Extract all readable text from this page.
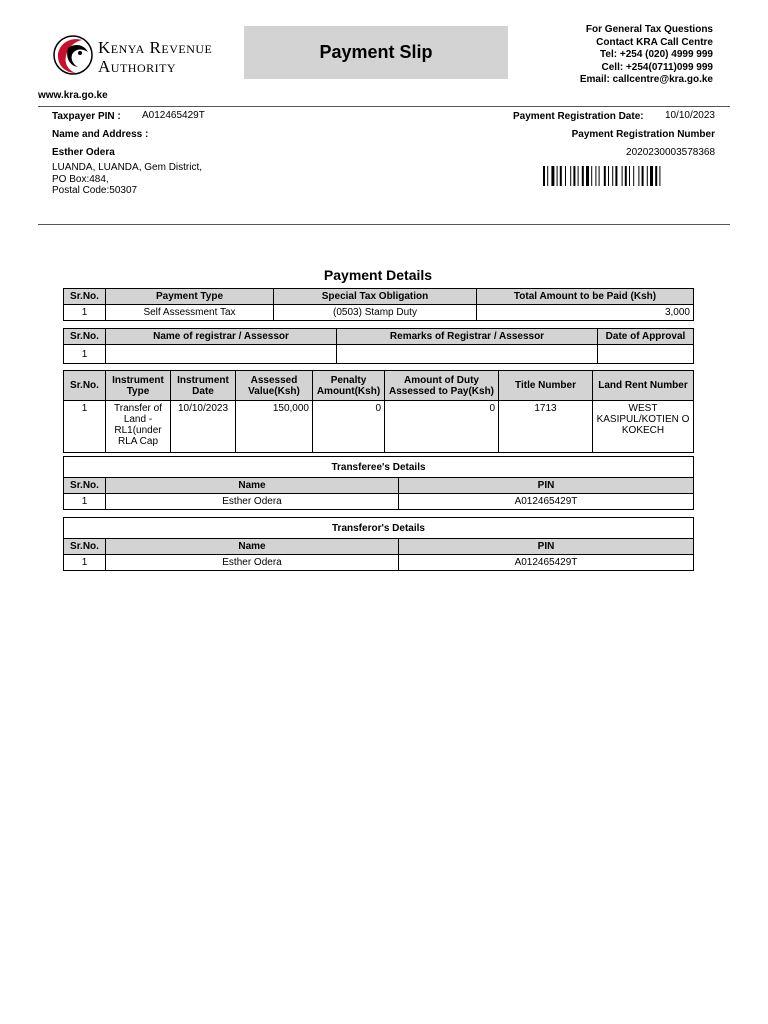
Kenya Revenue
Authority
Payment Slip
For General Tax Questions
Contact KRA Call Centre
Tel: +254 (020) 4999 999
Cell: +254(0711)099 999
Email: callcentre@kra.go.ke
www.kra.go.ke
Taxpayer PIN : A012465429T
Name and Address :
Esther Odera
LUANDA, LUANDA, Gem District,
PO Box:484,
Postal Code:50307
Payment Registration Date: 10/10/2023
Payment Registration Number
2020230003578368
Payment Details
Sr.No.	Payment Type	Special Tax Obligation	Total Amount to be Paid (Ksh)
1	Self Assessment Tax	(0503) Stamp Duty	3,000
Sr.No.	Name of registrar / Assessor	Remarks of Registrar / Assessor	Date of Approval
1			
Sr.No.	Instrument Type	Instrument Date	Assessed Value(Ksh)	Penalty Amount(Ksh)	Amount of Duty Assessed to Pay(Ksh)	Title Number	Land Rent Number
1	Transfer of Land - RL1(under RLA Cap	10/10/2023	150,000	0	0	1713	WEST KASIPUL/KOTIEN O KOKECH
Transferee's Details		
Sr.No.	Name	PIN
1	Esther Odera	A012465429T
Transferor's Details		
Sr.No.	Name	PIN
1	Esther Odera	A012465429T
